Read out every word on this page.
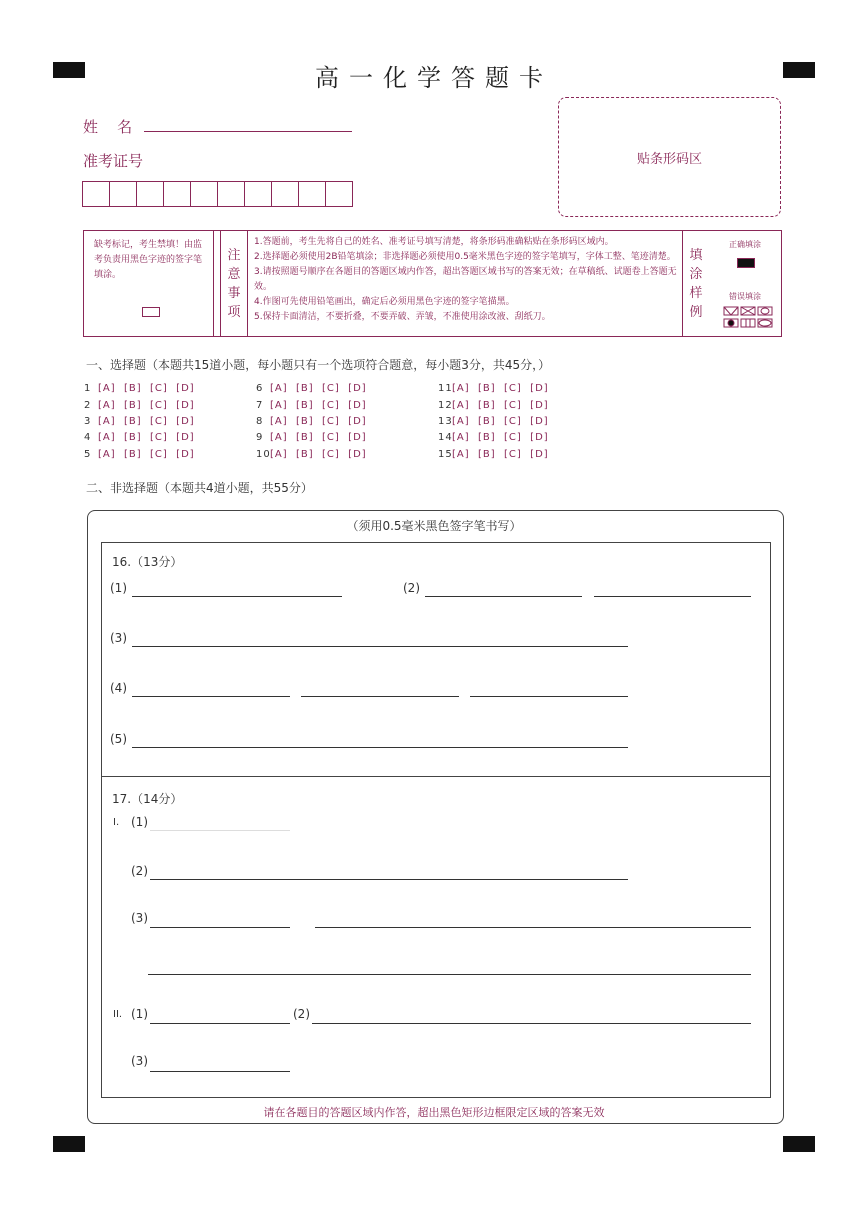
高一化学答题卡
姓    名
准考证号	贴条形码区
缺考标记，考生禁填！由监考负责用黑色字迹的签字笔填涂。
注
意
事
项
1.答题前，考生先将自己的姓名、准考证号填写清楚，将条形码准确粘贴在条形码区域内。
2.选择题必须使用2B铅笔填涂；非选择题必须使用0.5毫米黑色字迹的签字笔填写，字体工整、笔迹清楚。
3.请按照题号顺序在各题目的答题区域内作答，超出答题区域书写的答案无效；在草稿纸、试题卷上答题无效。
4.作图可先使用铅笔画出，确定后必须用黑色字迹的签字笔描黑。
5.保持卡面清洁，不要折叠，不要弄破、弄皱，不准使用涂改液、刮纸刀。
填
涂
样
例
正确填涂
错误填涂
一、选择题（本题共15道小题，每小题只有一个选项符合题意，每小题3分，共45分，）
1 [A]  [B]  [C]  [D]
2 [A]  [B]  [C]  [D]
3 [A]  [B]  [C]  [D]
4 [A]  [B]  [C]  [D]
5 [A]  [B]  [C]  [D]
6 [A]  [B]  [C]  [D]
7 [A]  [B]  [C]  [D]
8 [A]  [B]  [C]  [D]
9 [A]  [B]  [C]  [D]
10[A]  [B]  [C]  [D]
11[A]  [B]  [C]  [D]
12[A]  [B]  [C]  [D]
13[A]  [B]  [C]  [D]
14[A]  [B]  [C]  [D]
15[A]  [B]  [C]  [D]
二、非选择题（本题共4道小题，共55分）
（须用0.5毫米黑色签字笔书写）
16.（13分）
(1)	(2)
(3)
(4)
(5)
17.（14分）
I. (1)
(2)
(3)
II. (1)	(2)
(3)
请在各题目的答题区域内作答，超出黑色矩形边框限定区域的答案无效
